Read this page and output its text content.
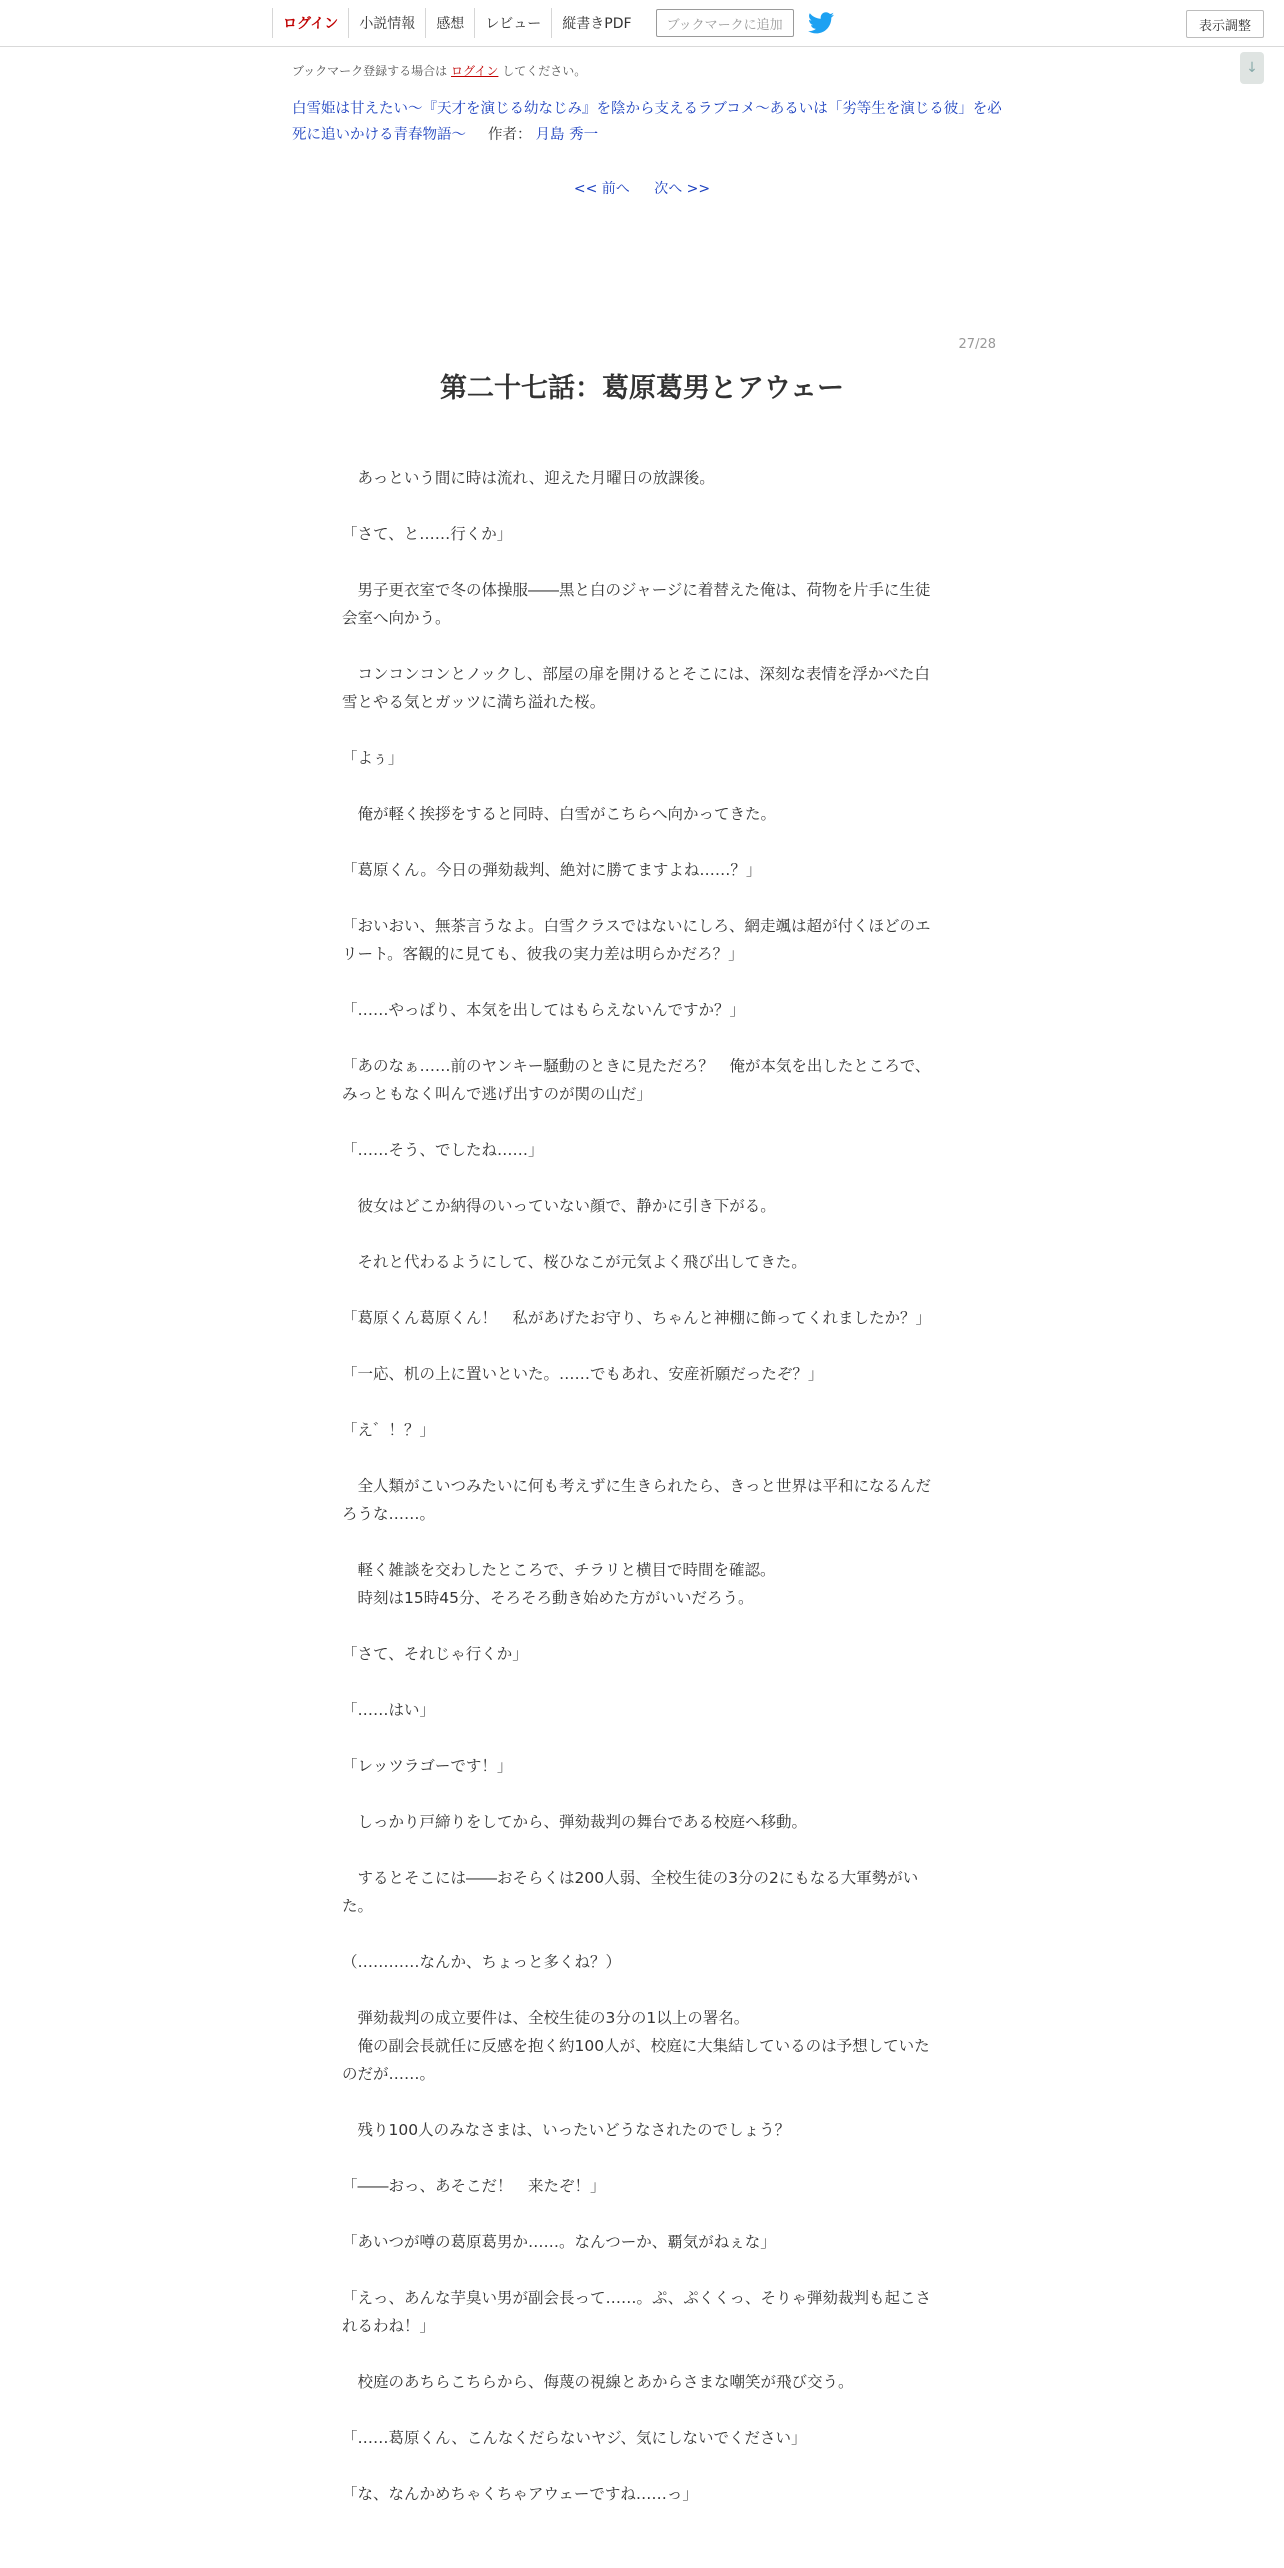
ログイン	小説情報	感想	レビュー	縦書きPDF	ブックマークに追加	表示調整
↓
ブックマーク登録する場合は ログイン してください。
白雪姫は甘えたい～『天才を演じる幼なじみ』を陰から支えるラブコメ～あるいは「劣等生を演じる彼」を必死に追いかける青春物語～ 作者： 月島 秀一
<< 前へ 次へ >>
27/28
第二十七話：葛原葛男とアウェー

　あっという間に時は流れ、迎えた月曜日の放課後。

「さて、と……行くか」

　男子更衣室で冬の体操服――黒と白のジャージに着替えた俺は、荷物を片手に生徒会室へ向かう。

　コンコンコンとノックし、部屋の扉を開けるとそこには、深刻な表情を浮かべた白雪とやる気とガッツに満ち溢れた桜。

「よぅ」

　俺が軽く挨拶をすると同時、白雪がこちらへ向かってきた。

「葛原くん。今日の弾劾裁判、絶対に勝てますよね……？」

「おいおい、無茶言うなよ。白雪クラスではないにしろ、網走颯は超が付くほどのエリート。客観的に見ても、彼我の実力差は明らかだろ？」

「……やっぱり、本気を出してはもらえないんですか？」

「あのなぁ……前のヤンキー騒動のときに見ただろ？　俺が本気を出したところで、みっともなく叫んで逃げ出すのが関の山だ」

「……そう、でしたね……」

　彼女はどこか納得のいっていない顔で、静かに引き下がる。

　それと代わるようにして、桜ひなこが元気よく飛び出してきた。

「葛原くん葛原くん！　私があげたお守り、ちゃんと神棚に飾ってくれましたか？」

「一応、机の上に置いといた。……でもあれ、安産祈願だったぞ？」

「え゛！？」

　全人類がこいつみたいに何も考えずに生きられたら、きっと世界は平和になるんだろうな……。

　軽く雑談を交わしたところで、チラリと横目で時間を確認。
　時刻は15時45分、そろそろ動き始めた方がいいだろう。

「さて、それじゃ行くか」

「……はい」

「レッツラゴーです！」

　しっかり戸締りをしてから、弾劾裁判の舞台である校庭へ移動。

　するとそこには――おそらくは200人弱、全校生徒の3分の2にもなる大軍勢がいた。

（…………なんか、ちょっと多くね？）

　弾劾裁判の成立要件は、全校生徒の3分の1以上の署名。
　俺の副会長就任に反感を抱く約100人が、校庭に大集結しているのは予想していたのだが……。

　残り100人のみなさまは、いったいどうなされたのでしょう？

「――おっ、あそこだ！　来たぞ！」

「あいつが噂の葛原葛男か……。なんつーか、覇気がねぇな」

「えっ、あんな芋臭い男が副会長って……。ぷ、ぷくくっ、そりゃ弾劾裁判も起こされるわね！」

　校庭のあちらこちらから、侮蔑の視線とあからさまな嘲笑が飛び交う。

「……葛原くん、こんなくだらないヤジ、気にしないでください」

「な、なんかめちゃくちゃアウェーですね……っ」
